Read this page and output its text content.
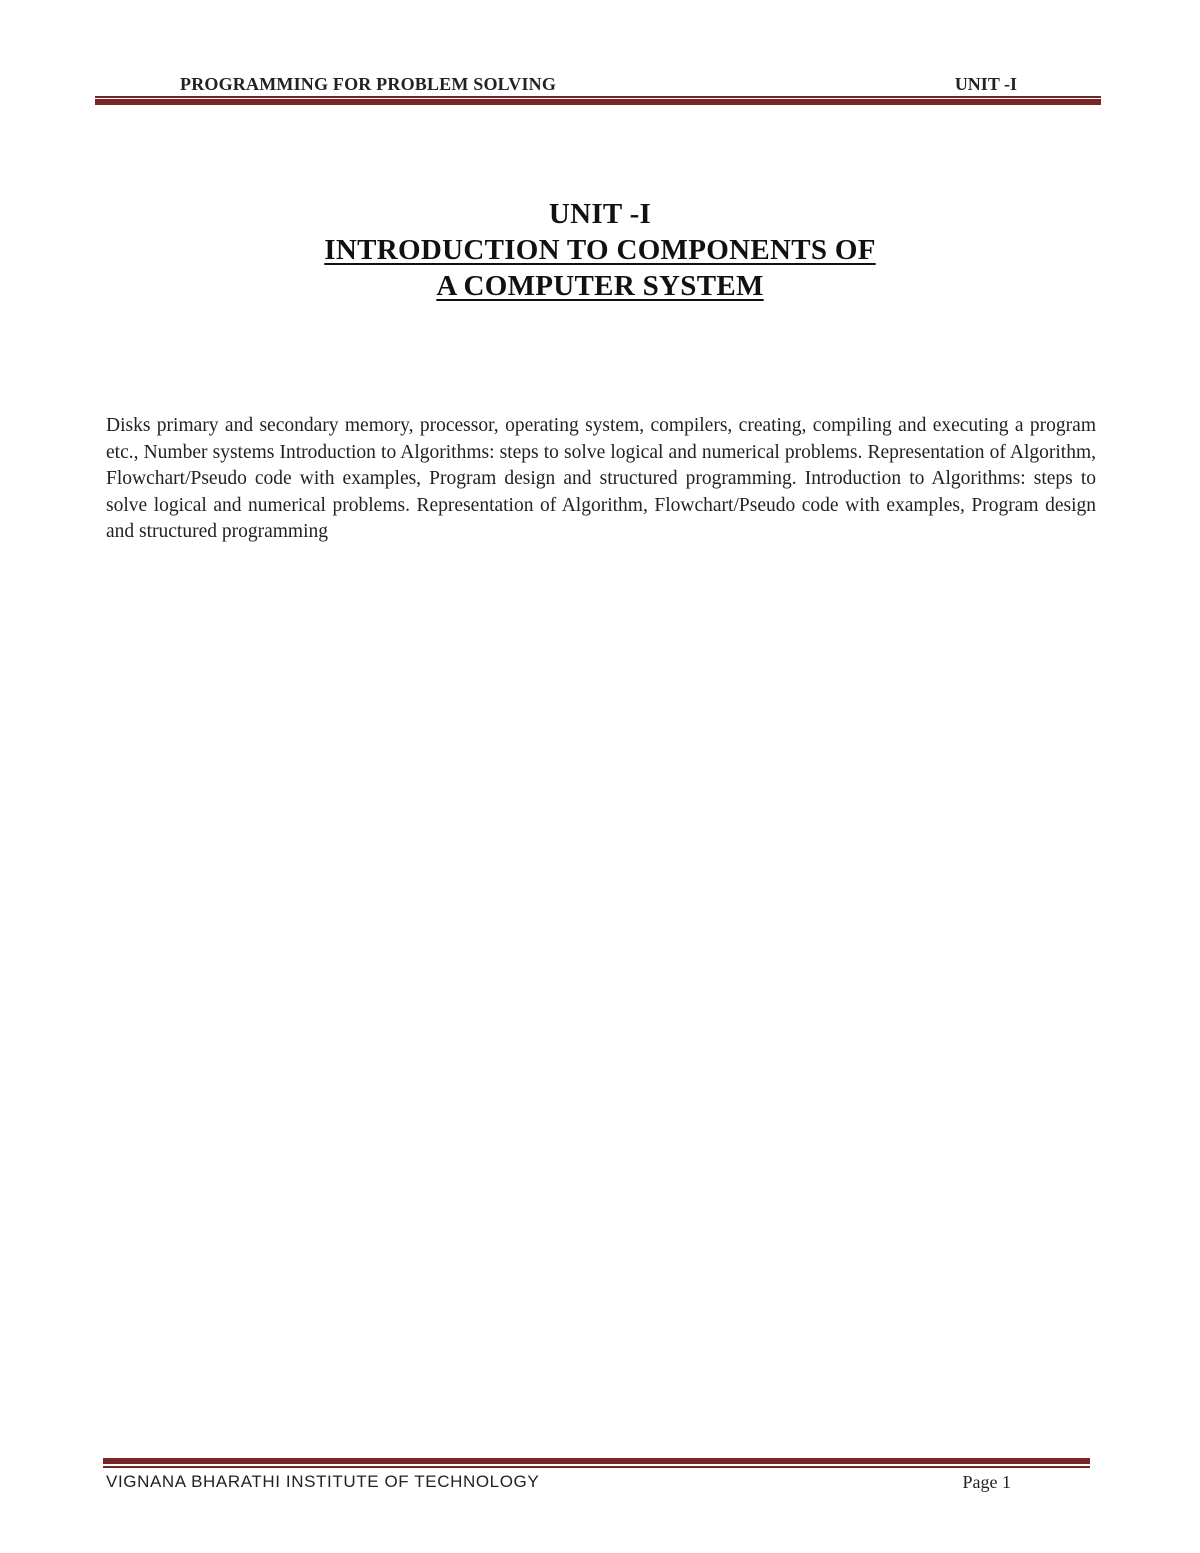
PROGRAMMING FOR PROBLEM SOLVING	UNIT -I
UNIT -I
INTRODUCTION TO COMPONENTS OF
A COMPUTER SYSTEM
Disks primary and secondary memory, processor, operating system, compilers, creating, compiling and executing a program etc., Number systems Introduction to Algorithms: steps to solve logical and numerical problems. Representation of Algorithm, Flowchart/Pseudo code with examples, Program design and structured programming. Introduction to Algorithms: steps to solve logical and numerical problems. Representation of Algorithm, Flowchart/Pseudo code with examples, Program design and structured programming
VIGNANA BHARATHI INSTITUTE OF TECHNOLOGY	Page 1
